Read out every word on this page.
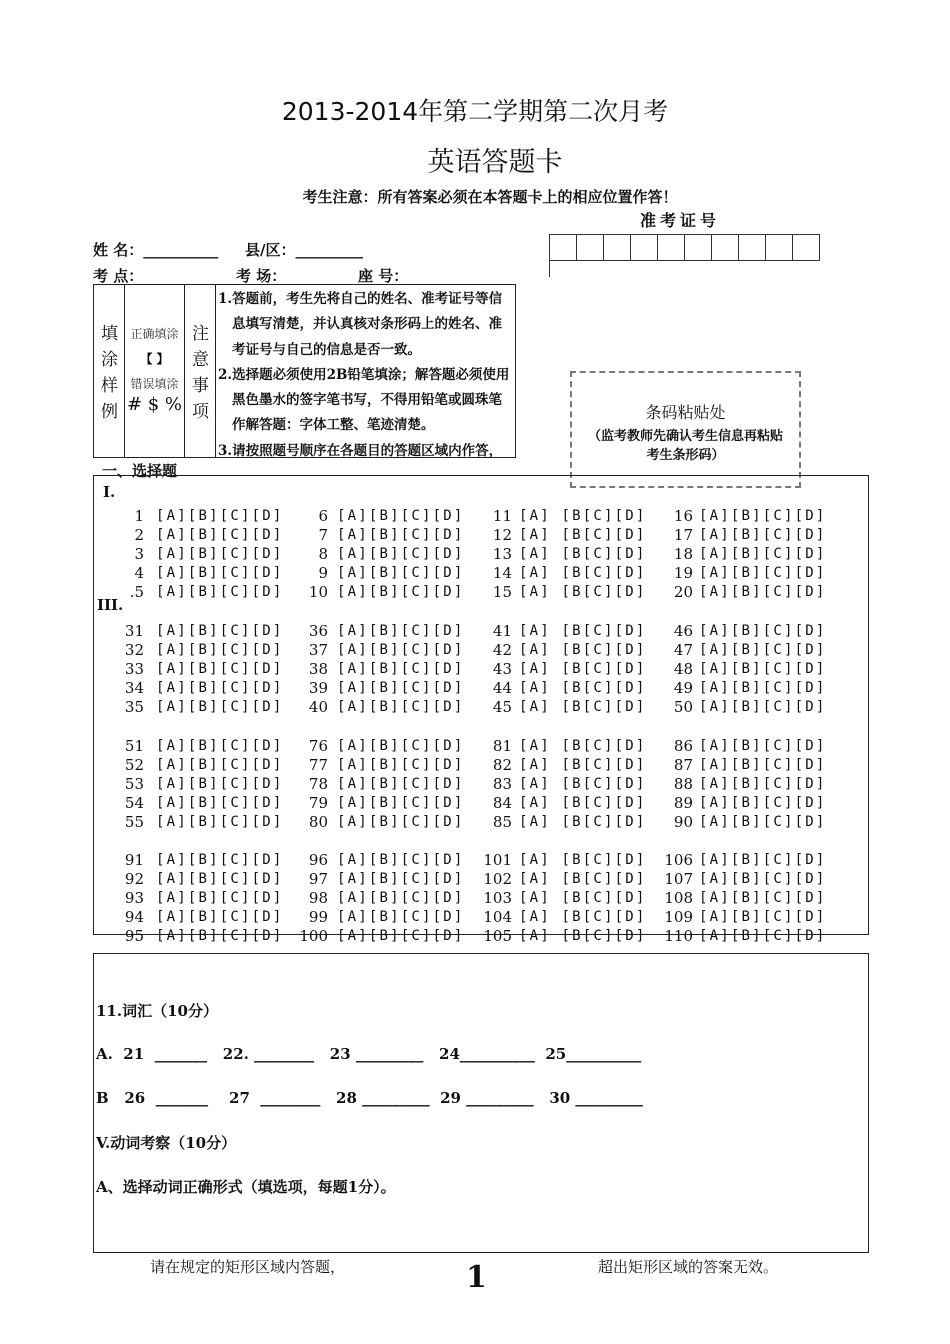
2013-2014年第二学期第二次月考
英语答题卡
考生注意：所有答案必须在本答题卡上的相应位置作答！
准考证号
姓 名：__________ 县/区：_________
考 点：	考 场：	座 号：
填涂样例
正确填涂
【 】
错误填涂
# $ %
注意事项

1.答题前，考生先将自己的姓名、准考证号等信息填写清楚，并认真核对条形码上的姓名、准考证号与自己的信息是否一致。

2.选择题必须使用2B铅笔填涂；解答题必须使用黑色墨水的签字笔书写，不得用铅笔或圆珠笔作解答题：字体工整、笔迹清楚。

3.请按照题号顺序在各题目的答题区域内作答，

条码粘贴处
（监考教师先确认考生信息再粘贴
考生条形码）
一、选择题
I.
III.
1 [A][B][C][D]	6 [A][B][C][D]	11 [A] [B[C][D]	16 [A][B][C][D]
2 [A][B][C][D]	7 [A][B][C][D]	12 [A] [B[C][D]	17 [A][B][C][D]
3 [A][B][C][D]	8 [A][B][C][D]	13 [A] [B[C][D]	18 [A][B][C][D]
4 [A][B][C][D]	9 [A][B][C][D]	14 [A] [B[C][D]	19 [A][B][C][D]
.5 [A][B][C][D]	10 [A][B][C][D]	15 [A] [B[C][D]	20 [A][B][C][D]
31 [A][B][C][D]	36 [A][B][C][D]	41 [A] [B[C][D]	46 [A][B][C][D]
32 [A][B][C][D]	37 [A][B][C][D]	42 [A] [B[C][D]	47 [A][B][C][D]
33 [A][B][C][D]	38 [A][B][C][D]	43 [A] [B[C][D]	48 [A][B][C][D]
34 [A][B][C][D]	39 [A][B][C][D]	44 [A] [B[C][D]	49 [A][B][C][D]
35 [A][B][C][D]	40 [A][B][C][D]	45 [A] [B[C][D]	50 [A][B][C][D]
51 [A][B][C][D]	76 [A][B][C][D]	81 [A] [B[C][D]	86 [A][B][C][D]
52 [A][B][C][D]	77 [A][B][C][D]	82 [A] [B[C][D]	87 [A][B][C][D]
53 [A][B][C][D]	78 [A][B][C][D]	83 [A] [B[C][D]	88 [A][B][C][D]
54 [A][B][C][D]	79 [A][B][C][D]	84 [A] [B[C][D]	89 [A][B][C][D]
55 [A][B][C][D]	80 [A][B][C][D]	85 [A] [B[C][D]	90 [A][B][C][D]
91 [A][B][C][D]	96 [A][B][C][D]	101 [A] [B[C][D]	106 [A][B][C][D]
92 [A][B][C][D]	97 [A][B][C][D]	102 [A] [B[C][D]	107 [A][B][C][D]
93 [A][B][C][D]	98 [A][B][C][D]	103 [A] [B[C][D]	108 [A][B][C][D]
94 [A][B][C][D]	99 [A][B][C][D]	104 [A] [B[C][D]	109 [A][B][C][D]
95 [A][B][C][D]	100 [A][B][C][D]	105 [A] [B[C][D]	110 [A][B][C][D]
11.词汇（10分）
A.  21  _______   22. ________   23 _________   24__________  25__________
B   26  _______    27  ________   28 _________  29 _________   30 _________
V.动词考察（10分）
A、选择动词正确形式（填选项，每题1分）。
请在规定的矩形区域内答题，	1	超出矩形区域的答案无效。
